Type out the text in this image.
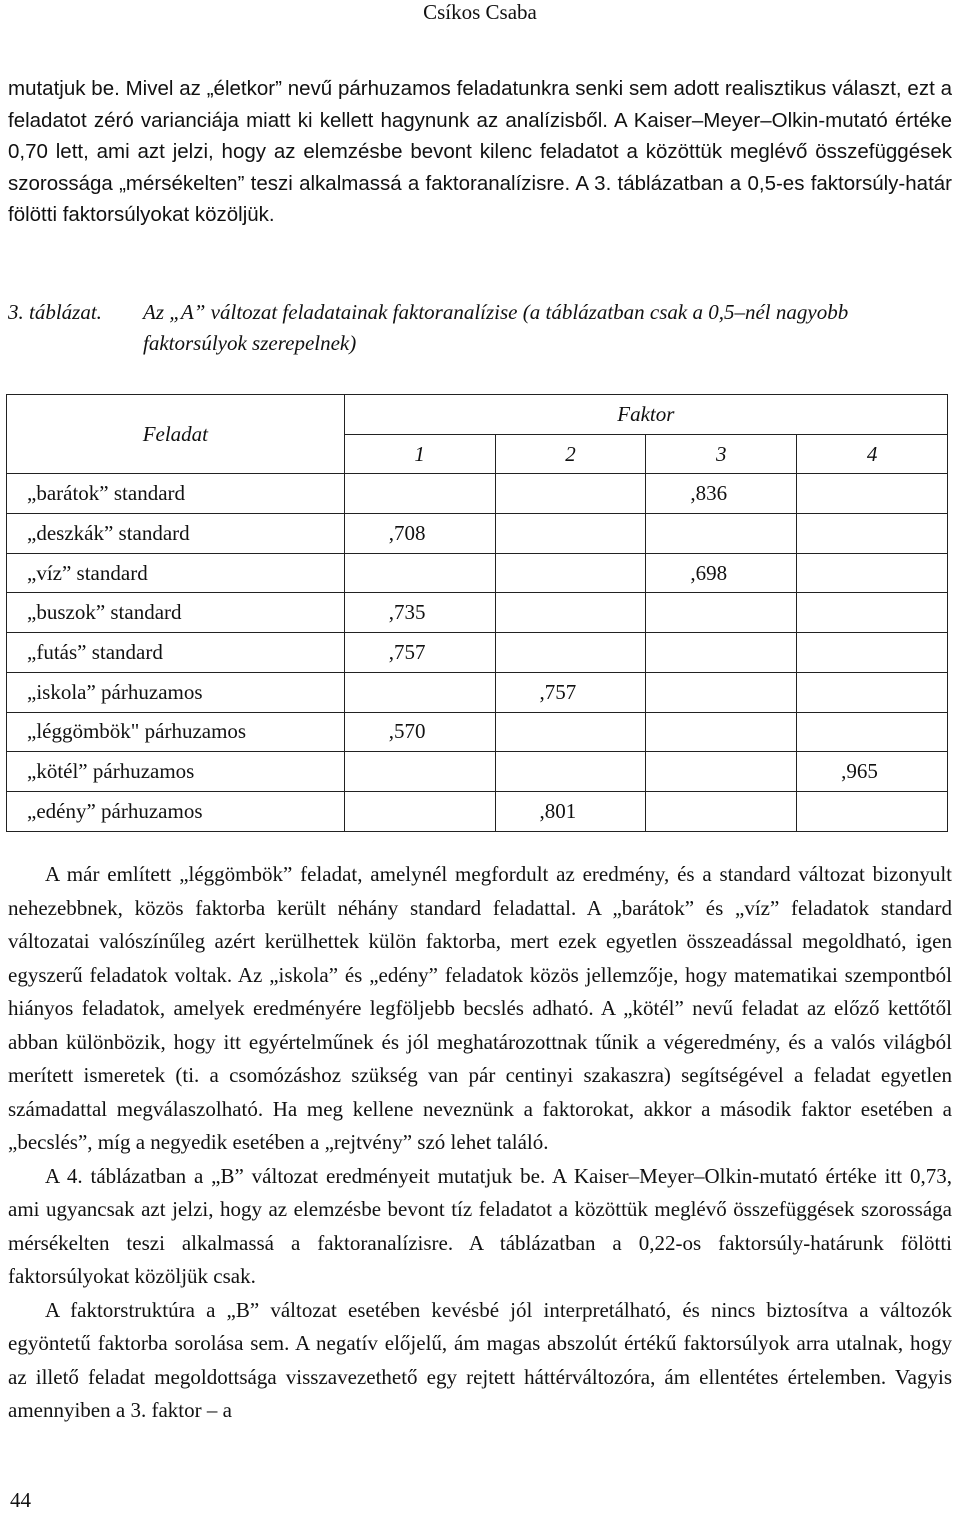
Csíkos Csaba

mutatjuk be. Mivel az „életkor” nevű párhuzamos feladatunkra senki sem adott realisztikus választ, ezt a feladatot zéró varianciája miatt ki kellett hagynunk az analízisből. A Kaiser–Meyer–Olkin-mutató értéke 0,70 lett, ami azt jelzi, hogy az elemzésbe bevont kilenc feladatot a közöttük meglévő összefüggések szorossága „mérsékelten” teszi alkalmassá a faktoranalízisre. A 3. táblázatban a 0,5-es faktorsúly-határ fölötti faktorsúlyokat közöljük.

3. táblázat. Az „A” változat feladatainak faktoranalízise (a táblázatban csak a 0,5–nél nagyobb faktorsúlyok szerepelnek)
Feladat	Faktor			
	1	2	3	4
„barátok” standard			,836	
„deszkák” standard	,708			
„víz” standard			,698	
„buszok” standard	,735			
„futás” standard	,757			
„iskola” párhuzamos		,757		
„léggömbök" párhuzamos	,570			
„kötél” párhuzamos				,965
„edény” párhuzamos		,801		

A már említett „léggömbök” feladat, amelynél megfordult az eredmény, és a standard változat bizonyult nehezebbnek, közös faktorba került néhány standard feladattal. A „barátok” és „víz” feladatok standard változatai valószínűleg azért kerülhettek külön faktorba, mert ezek egyetlen összeadással megoldható, igen egyszerű feladatok voltak. Az „iskola” és „edény” feladatok közös jellemzője, hogy matematikai szempontból hiányos feladatok, amelyek eredményére legföljebb becslés adható. A „kötél” nevű feladat az előző kettőtől abban különbözik, hogy itt egyértelműnek és jól meghatározottnak tűnik a végeredmény, és a valós világból merített ismeretek (ti. a csomózáshoz szükség van pár centinyi szakaszra) segítségével a feladat egyetlen számadattal megválaszolható. Ha meg kellene neveznünk a faktorokat, akkor a második faktor esetében a „becslés”, míg a negyedik esetében a „rejtvény” szó lehet találó.

A 4. táblázatban a „B” változat eredményeit mutatjuk be. A Kaiser–Meyer–Olkin-mutató értéke itt 0,73, ami ugyancsak azt jelzi, hogy az elemzésbe bevont tíz feladatot a közöttük meglévő összefüggések szorossága mérsékelten teszi alkalmassá a faktoranalízisre. A táblázatban a 0,22-os faktorsúly-határunk fölötti faktorsúlyokat közöljük csak.

A faktorstruktúra a „B” változat esetében kevésbé jól interpretálható, és nincs biztosítva a változók egyöntetű faktorba sorolása sem. A negatív előjelű, ám magas abszolút értékű faktorsúlyok arra utalnak, hogy az illető feladat megoldottsága visszavezethető egy rejtett háttérváltozóra, ám ellentétes értelemben. Vagyis amennyiben a 3. faktor – a

44
